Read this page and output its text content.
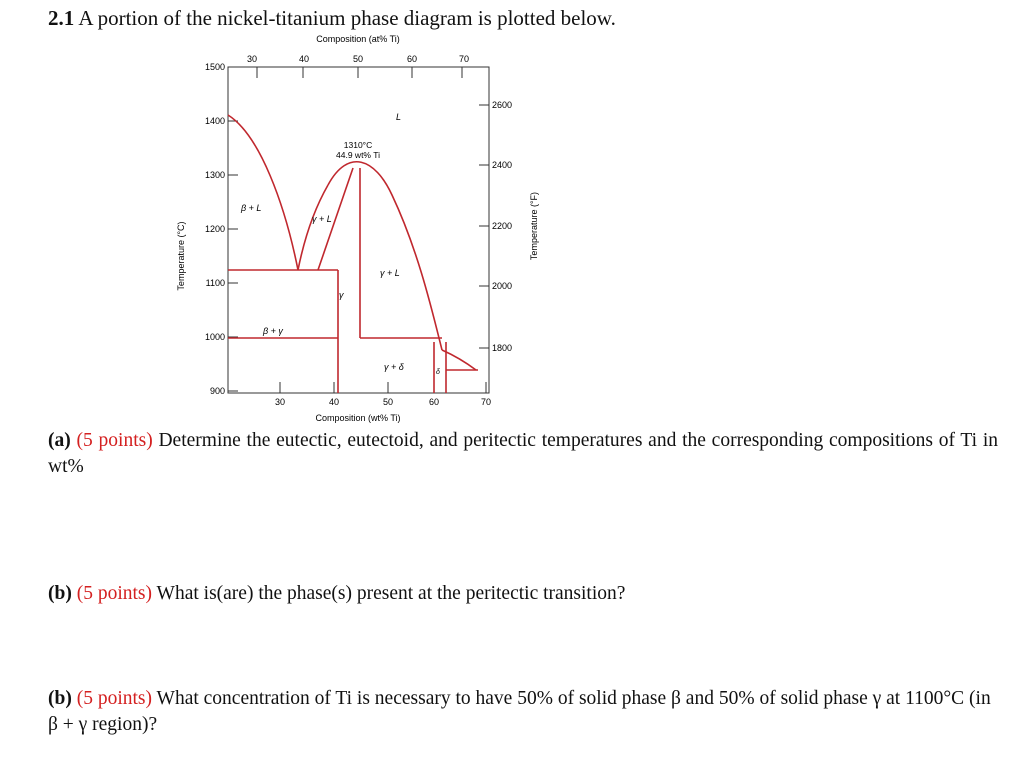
2.1 A portion of the nickel-titanium phase diagram is plotted below.
Composition (at% Ti)
30	40	50	60	70
Temperature (°C)
1500
1400
1300
1200
1100
1000
900
Temperature (°F)
2600
2400
2200
2000
1800
30	40	50	60	70
Composition (wt% Ti)
1310°C
44.9 wt% Ti
L
β + L
γ + L
γ + L
γ
β + γ
γ + δ
δ

(a) (5 points) Determine the eutectic, eutectoid, and peritectic temperatures and the corresponding compositions of Ti in wt%

(b) (5 points) What is(are) the phase(s) present at the peritectic transition?

(b) (5 points) What concentration of Ti is necessary to have 50% of solid phase β and 50% of solid phase γ at 1100°C (in β + γ region)?
